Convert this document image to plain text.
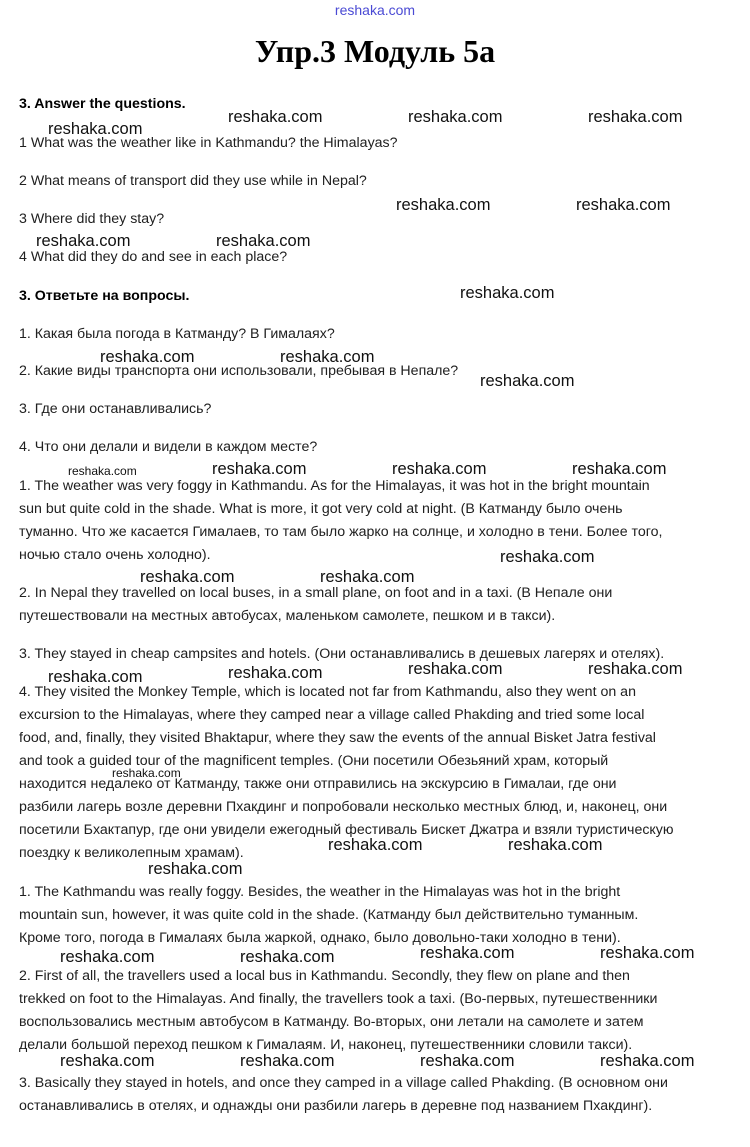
reshaka.com
Упр.3 Модуль 5а
3. Answer the questions.
1 What was the weather like in Kathmandu? the Himalayas?
2 What means of transport did they use while in Nepal?
3 Where did they stay?
4 What did they do and see in each place?
3. Ответьте на вопросы.
1. Какая была погода в Катманду? В Гималаях?
2. Какие виды транспорта они использовали, пребывая в Непале?
3. Где они останавливались?
4. Что они делали и видели в каждом месте?
1. The weather was very foggy in Kathmandu. As for the Himalayas, it was hot in the bright mountain
sun but quite cold in the shade. What is more, it got very cold at night. (В Катманду было очень
туманно. Что же касается Гималаев, то там было жарко на солнце, и холодно в тени. Более того,
ночью стало очень холодно).
2. In Nepal they travelled on local buses, in a small plane, on foot and in a taxi. (В Непале они
путешествовали на местных автобусах, маленьком самолете, пешком и в такси).
3. They stayed in cheap campsites and hotels. (Они останавливались в дешевых лагерях и отелях).
4. They visited the Monkey Temple, which is located not far from Kathmandu, also they went on an
excursion to the Himalayas, where they camped near a village called Phakding and tried some local
food, and, finally, they visited Bhaktapur, where they saw the events of the annual Bisket Jatra festival
and took a guided tour of the magnificent temples. (Они посетили Обезьяний храм, который
находится недалеко от Катманду, также они отправились на экскурсию в Гималаи, где они
разбили лагерь возле деревни Пхакдинг и попробовали несколько местных блюд, и, наконец, они
посетили Бхактапур, где они увидели ежегодный фестиваль Бискет Джатра и взяли туристическую
поездку к великолепным храмам).
1. The Kathmandu was really foggy. Besides, the weather in the Himalayas was hot in the bright
mountain sun, however, it was quite cold in the shade. (Катманду был действительно туманным.
Кроме того, погода в Гималаях была жаркой, однако, было довольно-таки холодно в тени).
2. First of all, the travellers used a local bus in Kathmandu. Secondly, they flew on plane and then
trekked on foot to the Himalayas. And finally, the travellers took a taxi. (Во-первых, путешественники
воспользовались местным автобусом в Катманду. Во-вторых, они летали на самолете и затем
делали большой переход пешком к Гималаям. И, наконец, путешественники словили такси).
3. Basically they stayed in hotels, and once they camped in a village called Phakding. (В основном они
останавливались в отелях, и однажды они разбили лагерь в деревне под названием Пхакдинг).
reshaka.com	reshaka.com	reshaka.com
reshaka.com
reshaka.com	reshaka.com
reshaka.com	reshaka.com
reshaka.com
reshaka.com	reshaka.com
reshaka.com
reshaka.com	reshaka.com	reshaka.com	reshaka.com
reshaka.com
reshaka.com	reshaka.com
reshaka.com	reshaka.com
reshaka.com	reshaka.com
reshaka.com
reshaka.com	reshaka.com
reshaka.com
reshaka.com	reshaka.com
reshaka.com	reshaka.com
reshaka.com	reshaka.com	reshaka.com	reshaka.com
